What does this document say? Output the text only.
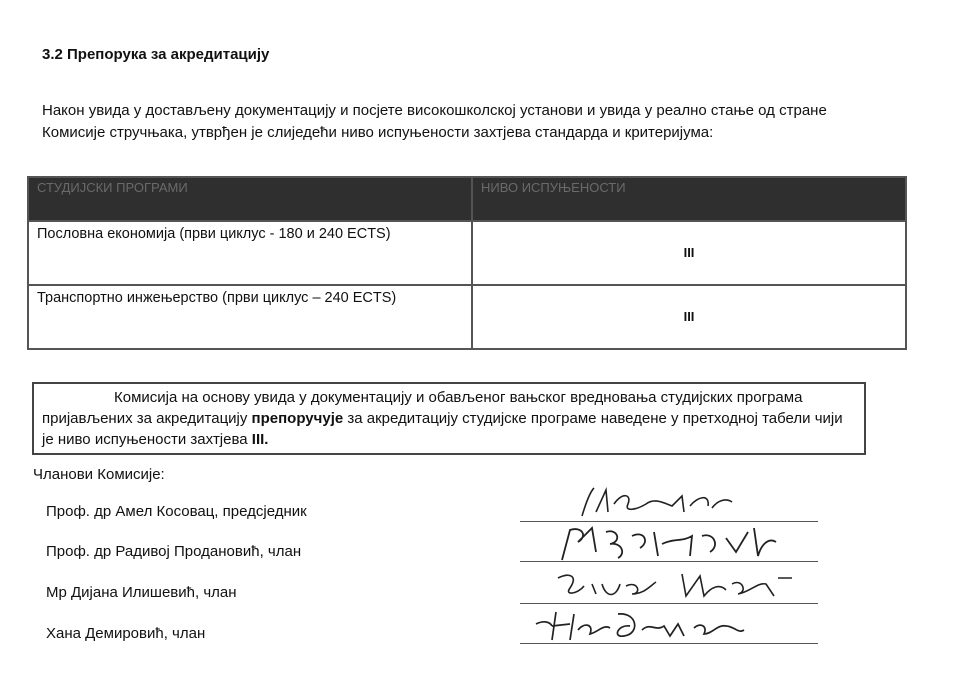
3.2 Препорука за акредитацију
Након увида у достављену документацију и посјете високошколској установи и увида у реално стање од стране Комисије стручњака, утврђен је слиједећи ниво испуњености захтјева стандарда и критеријума:
СТУДИЈСКИ ПРОГРАМИ	НИВО ИСПУЊЕНОСТИ
Пословна економија (први циклус - 180 и 240 ECTS)	III
Транспортно инжењерство (први циклус – 240 ECTS)	III
Комисија на основу увида у документацију и обављеног вањског вредновања студијских програма пријављених за акредитацију препоручује за акредитацију студијске програме наведене у претходној табели чији је ниво испуњености захтјева III.
Чланови Комисије:
Проф. др Амел Косовац, предсједник
Проф. др Радивој Продановић, члан
Мр Дијана Илишевић, члан
Хана Демировић, члан
